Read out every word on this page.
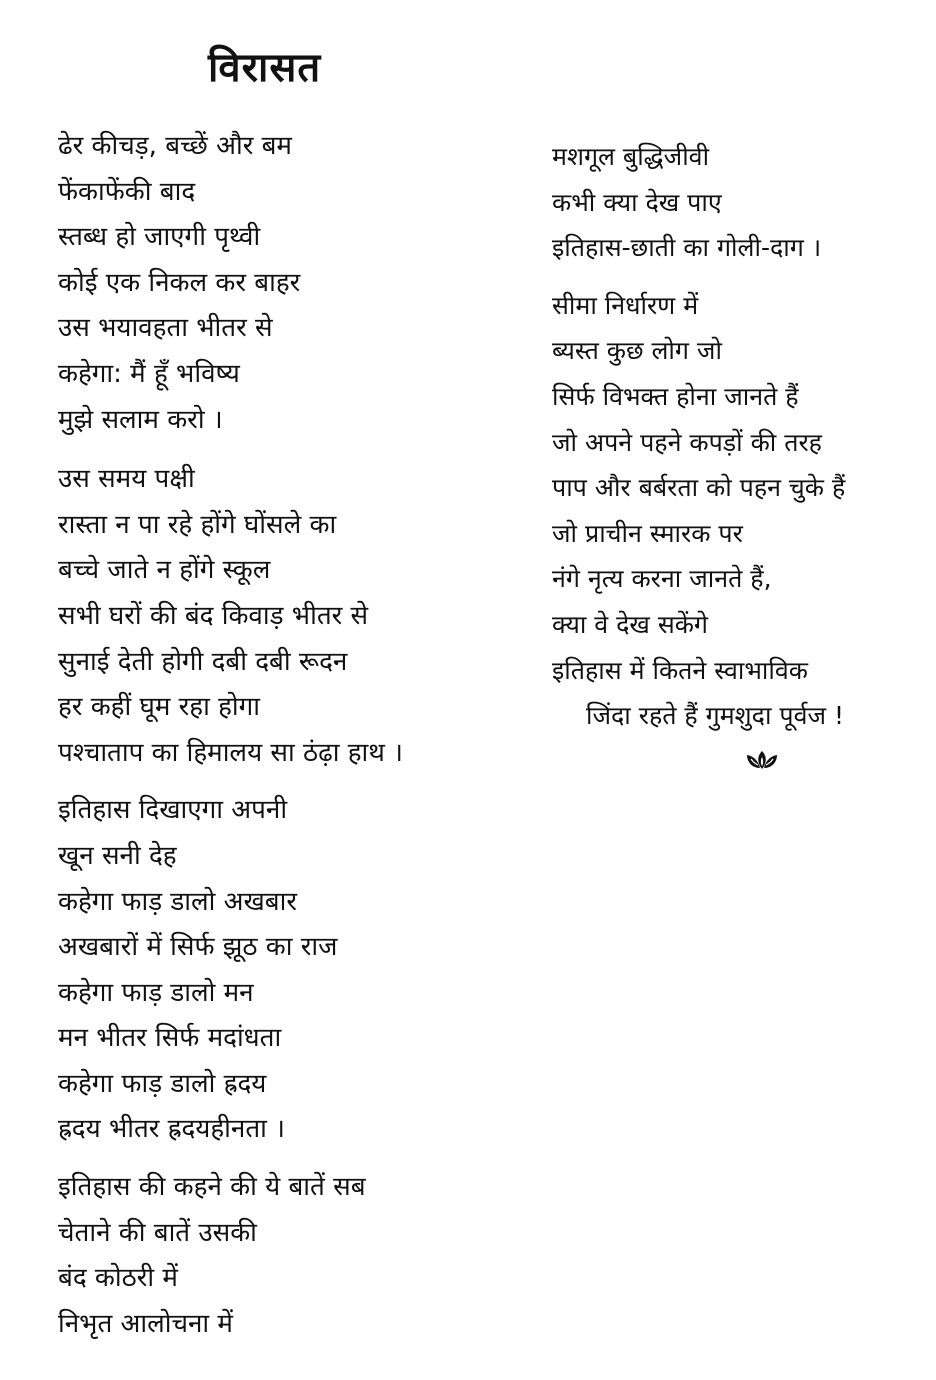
विरासत
ढेर कीचड़, बच्छें और बम
फेंकाफेंकी बाद
स्तब्ध हो जाएगी पृथ्वी
कोई एक निकल कर बाहर
उस भयावहता भीतर से
कहेगा: मैं हूँ भविष्य
मुझे सलाम करो ।
उस समय पक्षी
रास्ता न पा रहे होंगे घोंसले का
बच्चे जाते न होंगे स्कूल
सभी घरों की बंद किवाड़ भीतर से
सुनाई देती होगी दबी दबी रूदन
हर कहीं घूम रहा होगा
पश्चाताप का हिमालय सा ठंढ़ा हाथ ।
इतिहास दिखाएगा अपनी
खून सनी देह
कहेगा फाड़ डालो अखबार
अखबारों में सिर्फ झूठ का राज
कहेगा फाड़ डालो मन
मन भीतर सिर्फ मदांधता
कहेगा फाड़ डालो ह्रदय
ह्रदय भीतर ह्रदयहीनता ।
इतिहास की कहने की ये बातें सब
चेताने की बातें उसकी
बंद कोठरी में
निभृत आलोचना में
मशगूल बुद्धिजीवी
कभी क्या देख पाए
इतिहास-छाती का गोली-दाग ।
सीमा निर्धारण में
ब्यस्त कुछ लोग जो
सिर्फ विभक्त होना जानते हैं
जो अपने पहने कपड़ों की तरह
पाप और बर्बरता को पहन चुके हैं
जो प्राचीन स्मारक पर
नंगे नृत्य करना जानते हैं,
क्या वे देख सकेंगे
इतिहास में कितने स्वाभाविक
जिंदा रहते हैं गुमशुदा पूर्वज !
